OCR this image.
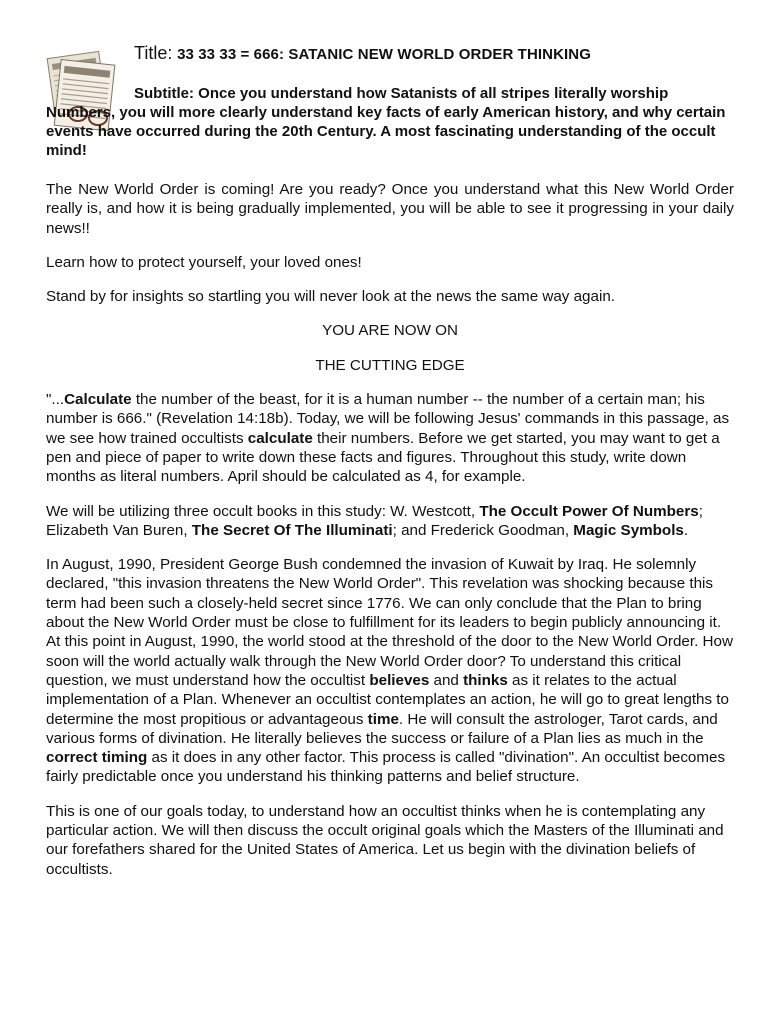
Title: 33 33 33 = 666: SATANIC NEW WORLD ORDER THINKING
Subtitle: Once you understand how Satanists of all stripes literally worship Numbers, you will more clearly understand key facts of early American history, and why certain events have occurred during the 20th Century. A most fascinating understanding of the occult mind!

The New World Order is coming! Are you ready? Once you understand what this New World Order really is, and how it is being gradually implemented, you will be able to see it progressing in your daily news!!

Learn how to protect yourself, your loved ones!

Stand by for insights so startling you will never look at the news the same way again.

YOU ARE NOW ON

THE CUTTING EDGE

"...Calculate the number of the beast, for it is a human number -- the number of a certain man; his number is 666." (Revelation 14:18b). Today, we will be following Jesus' commands in this passage, as we see how trained occultists calculate their numbers. Before we get started, you may want to get a pen and piece of paper to write down these facts and figures. Throughout this study, write down months as literal numbers. April should be calculated as 4, for example.

We will be utilizing three occult books in this study: W. Westcott, The Occult Power Of Numbers; Elizabeth Van Buren, The Secret Of The Illuminati; and Frederick Goodman, Magic Symbols.

In August, 1990, President George Bush condemned the invasion of Kuwait by Iraq. He solemnly declared, "this invasion threatens the New World Order". This revelation was shocking because this term had been such a closely-held secret since 1776. We can only conclude that the Plan to bring about the New World Order must be close to fulfillment for its leaders to begin publicly announcing it. At this point in August, 1990, the world stood at the threshold of the door to the New World Order. How soon will the world actually walk through the New World Order door? To understand this critical question, we must understand how the occultist believes and thinks as it relates to the actual implementation of a Plan. Whenever an occultist contemplates an action, he will go to great lengths to determine the most propitious or advantageous time. He will consult the astrologer, Tarot cards, and various forms of divination. He literally believes the success or failure of a Plan lies as much in the correct timing as it does in any other factor. This process is called "divination". An occultist becomes fairly predictable once you understand his thinking patterns and belief structure.

This is one of our goals today, to understand how an occultist thinks when he is contemplating any particular action. We will then discuss the occult original goals which the Masters of the Illuminati and our forefathers shared for the United States of America. Let us begin with the divination beliefs of occultists.
